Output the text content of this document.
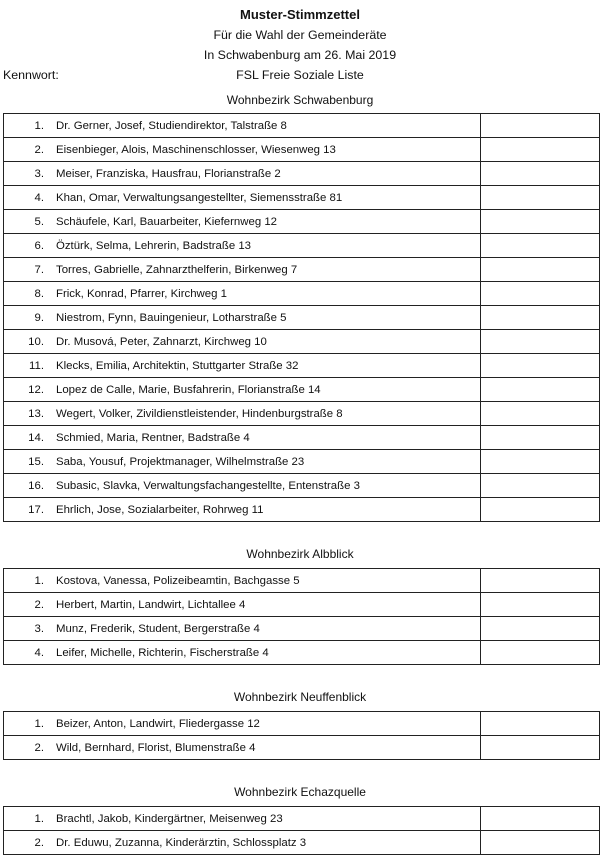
Muster-Stimmzettel
Für die Wahl der Gemeinderäte
In Schwabenburg am 26. Mai 2019
FSL Freie Soziale Liste
Kennwort:
Wohnbezirk Schwabenburg
1. Dr. Gerner, Josef, Studiendirektor, Talstraße 8	
2. Eisenbieger, Alois, Maschinenschlosser, Wiesenweg 13	
3. Meiser, Franziska, Hausfrau, Florianstraße 2	
4. Khan, Omar, Verwaltungsangestellter, Siemensstraße 81	
5. Schäufele, Karl, Bauarbeiter, Kiefernweg 12	
6. Öztürk, Selma, Lehrerin, Badstraße 13	
7. Torres, Gabrielle, Zahnarzthelferin, Birkenweg 7	
8. Frick, Konrad, Pfarrer, Kirchweg 1	
9. Niestrom, Fynn, Bauingenieur, Lotharstraße 5	
10. Dr. Musová, Peter, Zahnarzt, Kirchweg 10	
11. Klecks, Emilia, Architektin, Stuttgarter Straße 32	
12. Lopez de Calle, Marie, Busfahrerin, Florianstraße 14	
13. Wegert, Volker, Zivildienstleistender, Hindenburgstraße 8	
14. Schmied, Maria, Rentner, Badstraße 4	
15. Saba, Yousuf, Projektmanager, Wilhelmstraße 23	
16. Subasic, Slavka, Verwaltungsfachangestellte, Entenstraße 3	
17. Ehrlich, Jose, Sozialarbeiter, Rohrweg 11	
Wohnbezirk Albblick
1. Kostova, Vanessa, Polizeibeamtin, Bachgasse 5	
2. Herbert, Martin, Landwirt, Lichtallee 4	
3. Munz, Frederik, Student, Bergerstraße 4	
4. Leifer, Michelle, Richterin, Fischerstraße 4	
Wohnbezirk Neuffenblick
1. Beizer, Anton, Landwirt, Fliedergasse 12	
2. Wild, Bernhard, Florist, Blumenstraße 4	
Wohnbezirk Echazquelle
1. Brachtl, Jakob, Kindergärtner, Meisenweg 23	
2. Dr. Eduwu, Zuzanna, Kinderärztin, Schlossplatz 3	
